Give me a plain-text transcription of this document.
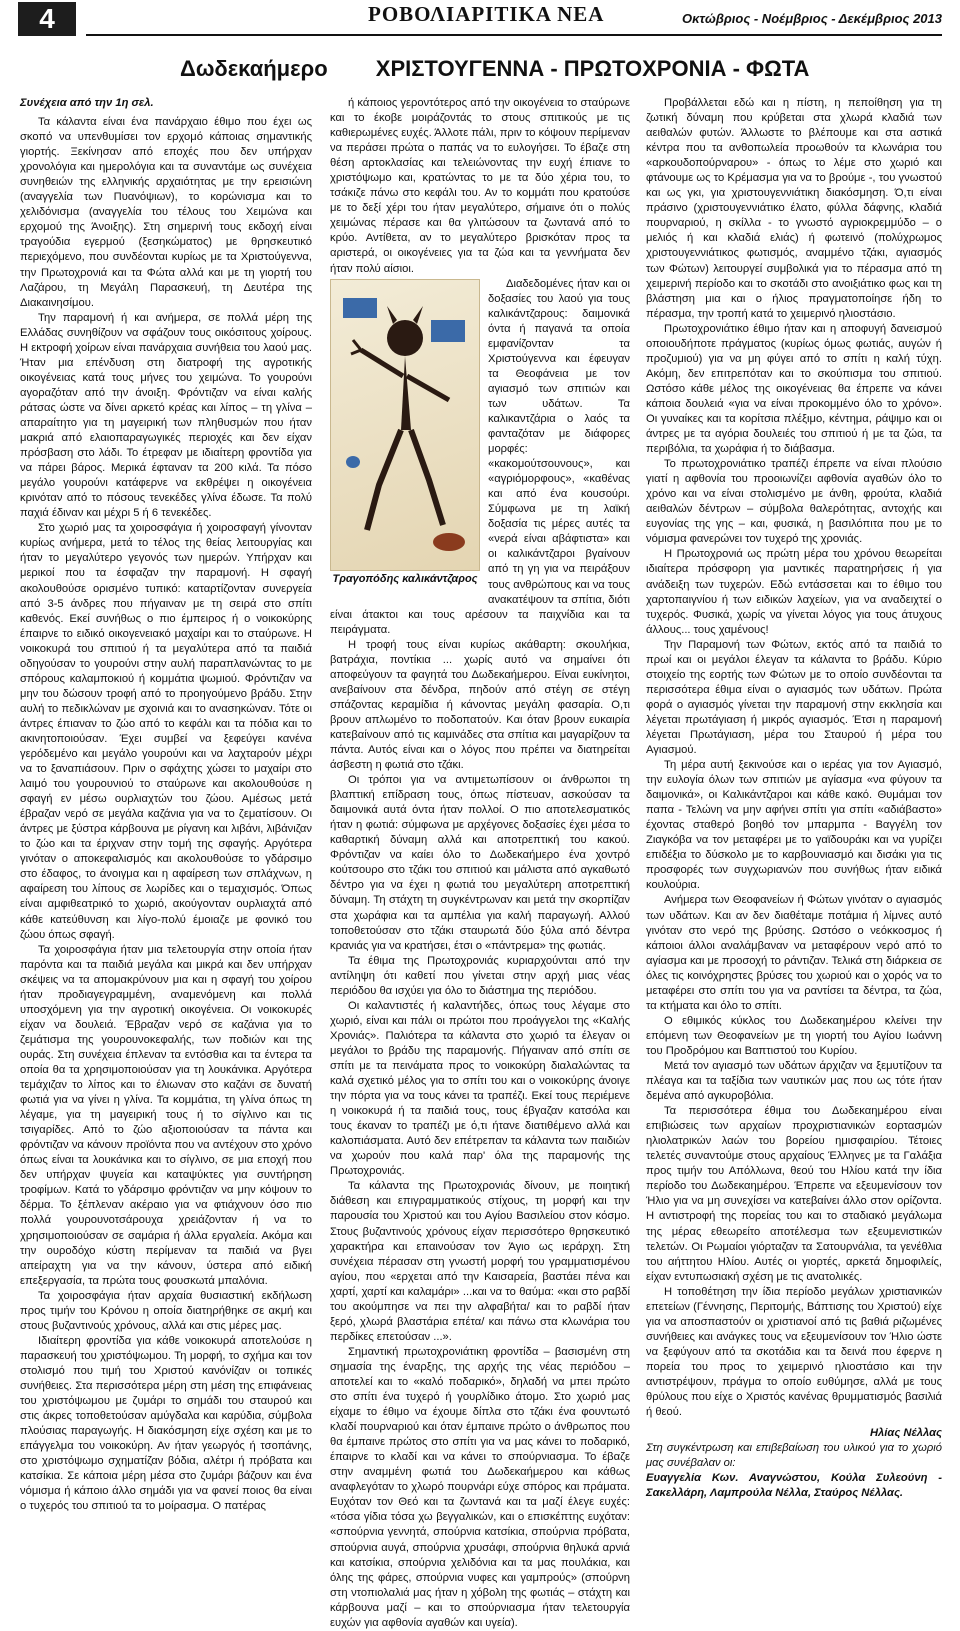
4	ΡΟΒΟΛΙΑΡΙΤΙΚΑ ΝΕΑ	Οκτώβριος - Νοέμβριος - Δεκέμβριος 2013
Δωδεκαήμερο ΧΡΙΣΤΟΥΓΕΝΝΑ - ΠΡΩΤΟΧΡΟΝΙΑ - ΦΩΤΑ

Συνέχεια από την 1η σελ.

Τα κάλαντα είναι ένα πανάρχαιο έθιμο που έχει ως σκοπό να υπενθυμίσει τον ερχομό κάποιας σημαντικής γιορτής. Ξεκίνησαν από εποχές που δεν υπήρχαν χρονολόγια και ημερολόγια και τα συναντάμε ως συνέχεια συνηθειών της ελληνικής αρχαιότητας με την ερεισιώνη (αναγγελία των Πυανόψιων), το κορώνισμα και το χελιδόνισμα (αναγγελία του τέλους του Χειμώνα και ερχομού της Άνοιξης). Στη σημερινή τους εκδοχή είναι τραγούδια εγερμού (ξεσηκώματος) με θρησκευτικό περιεχόμενο, που συνδέονται κυρίως με τα Χριστούγεννα, την Πρωτοχρονιά και τα Φώτα αλλά και με τη γιορτή του Λαζάρου, τη Μεγάλη Παρασκευή, τη Δευτέρα της Διακαινησίμου.

Την παραμονή ή και ανήμερα, σε πολλά μέρη της Ελλάδας συνηθίζουν να σφάζουν τους οικόσιτους χοίρους. Η εκτροφή χοίρων είναι πανάρχαια συνήθεια του λαού μας. Ήταν μια επένδυση στη διατροφή της αγροτικής οικογένειας κατά τους μήνες του χειμώνα. Το γουρούνι αγοραζόταν από την άνοιξη. Φρόντιζαν να είναι καλής ράτσας ώστε να δίνει αρκετό κρέας και λίπος – τη γλίνα – απαραίτητο για τη μαγειρική των πληθυσμών που ήταν μακριά από ελαιοπαραγωγικές περιοχές και δεν είχαν πρόσβαση στο λάδι. Το έτρεφαν με ιδιαίτερη φροντίδα για να πάρει βάρος. Μερικά έφταναν τα 200 κιλά. Τα πόσο μεγάλο γουρούνι κατάφερνε να εκθρέψει η οικογένεια κρινόταν από το πόσους τενεκέδες γλίνα έδωσε. Τα πολύ παχιά έδιναν και μέχρι 5 ή 6 τενεκέδες.

Στο χωριό μας τα χοιροσφάγια ή χοιροσφαγή γίνονταν κυρίως ανήμερα, μετά το τέλος της θείας λειτουργίας και ήταν το μεγαλύτερο γεγονός των ημερών. Υπήρχαν και μερικοί που τα έσφαζαν την παραμονή. Η σφαγή ακολουθούσε ορισμένο τυπικό: καταρτίζονταν συνεργεία από 3-5 άνδρες που πήγαιναν με τη σειρά στο σπίτι καθενός. Εκεί συνήθως ο πιο έμπειρος ή ο νοικοκύρης έπαιρνε το ειδικό οικογενειακό μαχαίρι και το σταύρωνε. Η νοικοκυρά του σπιτιού ή τα μεγαλύτερα από τα παιδιά οδηγούσαν το γουρούνι στην αυλή παραπλανώντας το με σπόρους καλαμποκιού ή κομμάτια ψωμιού. Φρόντιζαν να μην του δώσουν τροφή από το προηγούμενο βράδυ. Στην αυλή το πεδικλώναν με σχοινιά και το ανασηκώναν. Τότε οι άντρες έπιαναν το ζώο από το κεφάλι και τα πόδια και το ακινητοποιούσαν. Έχει συμβεί να ξεφεύγει κανένα γερόδεμένο και μεγάλο γουρούνι και να λαχταρούν μέχρι να το ξαναπιάσουν. Πριν ο σφάχτης χώσει το μαχαίρι στο λαιμό του γουρουνιού το σταύρωνε και ακολουθούσε η σφαγή εν μέσω ουρλιαχτών του ζώου. Αμέσως μετά έβραζαν νερό σε μεγάλα καζάνια για να το ζεματίσουν. Οι άντρες με ξύστρα κάρβουνα με ρίγανη και λιβάνι, λιβάνιζαν το ζώο και τα έριχναν στην τομή της σφαγής. Αργότερα γινόταν ο αποκεφαλισμός και ακολουθούσε το γδάρσιμο στο έδαφος, το άνοιγμα και η αφαίρεση των σπλάχνων, η αφαίρεση του λίπους σε λωρίδες και ο τεμαχισμός. Όπως είναι αμφιθεατρικό το χωριό, ακούγονταν ουρλιαχτά από κάθε κατεύθυνση και λίγο-πολύ έμοιαζε με φονικό του ζώου όπως σφαγή.

Τα χοιροσφάγια ήταν μια τελετουργία στην οποία ήταν παρόντα και τα παιδιά μεγάλα και μικρά και δεν υπήρχαν σκέψεις να τα απομακρύνουν μια και η σφαγή του χοίρου ήταν προδιαγεγραμμένη, αναμενόμενη και πολλά υποσχόμενη για την αγροτική οικογένεια. Οι νοικοκυρές είχαν να δουλειά. Έβραζαν νερό σε καζάνια για το ζεμάτισμα της γουρουνοκεφαλής, των ποδιών και της ουράς. Στη συνέχεια έπλεναν τα εντόσθια και τα έντερα τα οποία θα τα χρησιμοποιούσαν για τη λουκάνικα. Αργότερα τεμάχιζαν το λίπος και το έλιωναν στο καζάνι σε δυνατή φωτιά για να γίνει η γλίνα. Τα κομμάτια, τη γλίνα όπως τη λέγαμε, για τη μαγειρική τους ή το σίγλινο και τις τσιγαρίδες. Από το ζώο αξιοποιούσαν τα πάντα και φρόντιζαν να κάνουν προϊόντα που να αντέχουν στο χρόνο όπως είναι τα λουκάνικα και το σίγλινο, σε μια εποχή που δεν υπήρχαν ψυγεία και καταψύκτες για συντήρηση τροφίμων. Κατά το γδάρσιμο φρόντιζαν να μην κόψουν το δέρμα. Το ξέπλεναν ακέραιο για να φτιάχνουν όσο πιο πολλά γουρουνοτσάρουχα χρειάζονταν ή να το χρησιμοποιούσαν σε σαμάρια ή άλλα εργαλεία. Ακόμα και την ουροδόχο κύστη περίμεναν τα παιδιά να βγει απείραχτη για να την κάνουν, ύστερα από ειδική επεξεργασία, τα πρώτα τους φουσκωτά μπαλόνια.

Τα χοιροσφάγια ήταν αρχαία θυσιαστική εκδήλωση προς τιμήν του Κρόνου η οποία διατηρήθηκε σε ακμή και στους βυζαντινούς χρόνους, αλλά και στις μέρες μας.

Ιδιαίτερη φροντίδα για κάθε νοικοκυρά αποτελούσε η παρασκευή του χριστόψωμου. Τη μορφή, το σχήμα και τον στολισμό που τιμή του Χριστού κανόνίζαν οι τοπικές συνήθειες. Στα περισσότερα μέρη στη μέση της επιφάνειας του χριστόψωμου με ζυμάρι το σημάδι του σταυρού και στις άκρες τοποθετούσαν αμύγδαλα και καρύδια, σύμβολα πλούσιας παραγωγής. Η διακόσμηση είχε σχέση και με το επάγγελμα του νοικοκύρη. Αν ήταν γεωργός ή τσοπάνης, στο χριστόψωμο σχηματίζαν βόδια, αλέτρι ή πρόβατα και κατσίκια. Σε κάποια μέρη μέσα στο ζυμάρι βάζουν και ένα νόμισμα ή κάποιο άλλο σημάδι για να φανεί ποιος θα είναι ο τυχερός του σπιτιού τα το μοίρασμα. Ο πατέρας

ή κάποιος γεροντότερος από την οικογένεια το σταύρωνε και το έκοβε μοιράζοντάς το στους σπιτικούς με τις καθιερωμένες ευχές. Άλλοτε πάλι, πριν το κόψουν περίμεναν να περάσει πρώτα ο παπάς να το ευλογήσει. Το έβαζε στη θέση αρτοκλασίας και τελειώνοντας την ευχή έπιανε το χριστόψωμο και, κρατώντας το με τα δύο χέρια του, το τσάκιζε πάνω στο κεφάλι του. Αν το κομμάτι που κρατούσε με το δεξί χέρι του ήταν μεγαλύτερο, σήμαινε ότι ο πολύς χειμώνας πέρασε και θα γλιτώσουν τα ζωντανά από το κρύο. Αντίθετα, αν το μεγαλύτερο βρισκόταν προς τα αριστερά, οι οικογένειες για τα ζώα και τα γεννήματα δεν ήταν πολύ αίσιοι.

Τραγοπόδης καλικάντζαρος

Διαδεδομένες ήταν και οι δοξασίες του λαού για τους καλικάντζαρους: δαιμονικά όντα ή παγανά τα οποία εμφανίζονταν τα Χριστούγεννα και έφευγαν τα Θεοφάνεια με τον αγιασμό των σπιτιών και των υδάτων. Τα καλικαντζάρια ο λαός τα φανταζόταν με διάφορες μορφές: «κακομούτσουνους», και «αγριόμορφους», «καθένας και από ένα κουσούρι. Σύμφωνα με τη λαϊκή δοξασία τις μέρες αυτές τα «νερά είναι αβάφτιστα» και οι καλικάντζαροι βγαίνουν από τη γη για να πειράξουν τους ανθρώπους και να τους ανακατέψουν τα σπίτια, διότι είναι άτακτοι και τους αρέσουν τα παιχνίδια και τα πειράγματα.

Η τροφή τους είναι κυρίως ακάθαρτη: σκουλήκια, βατράχια, ποντίκια ... χωρίς αυτό να σημαίνει ότι αποφεύγουν τα φαγητά του Δωδεκαήμερου. Είναι ευκίνητοι, ανεβαίνουν στα δένδρα, πηδούν από στέγη σε στέγη σπάζοντας κεραμίδια ή κάνοντας μεγάλη φασαρία. Ο,τι βρουν απλωμένο το ποδοπατούν. Και όταν βρουν ευκαιρία κατεβαίνουν από τις καμινάδες στα σπίτια και μαγαρίζουν τα πάντα. Αυτός είναι και ο λόγος που πρέπει να διατηρείται άσβεστη η φωτιά στο τζάκι.

Οι τρόποι για να αντιμετωπίσουν οι άνθρωποι τη βλαπτική επίδραση τους, όπως πίστευαν, ασκούσαν τα δαιμονικά αυτά όντα ήταν πολλοί. Ο πιο αποτελεσματικός ήταν η φωτιά: σύμφωνα με αρχέγονες δοξασίες έχει μέσα το καθαρτική δύναμη αλλά και αποτρεπτική του κακού. Φρόντιζαν να καίει όλο το Δωδεκαήμερο ένα χοντρό κούτσουρο στο τζάκι του σπιτιού και μάλιστα από αγκαθωτό δέντρο για να έχει η φωτιά του μεγαλύτερη αποτρεπτική δύναμη. Τη στάχτη τη συγκέντρωναν και μετά την σκορπίζαν στα χωράφια και τα αμπέλια για καλή παραγωγή. Αλλού τοποθετούσαν στο τζάκι σταυρωτά δύο ξύλα από δέντρα κρανιάς για να κρατήσει, έτσι ο «πάντρεμα» της φωτιάς.

Τα έθιμα της Πρωτοχρονιάς κυριαρχούνται από την αντίληψη ότι καθετί που γίνεται στην αρχή μιας νέας περιόδου θα ισχύει για όλο το διάστημα της περιόδου.

Οι καλαντιστές ή καλαντήδες, όπως τους λέγαμε στο χωριό, είναι και πάλι οι πρώτοι που προάγγελοι της «Καλής Χρονιάς». Παλιότερα τα κάλαντα στο χωριό τα έλεγαν οι μεγάλοι το βράδυ της παραμονής. Πήγαιναν από σπίτι σε σπίτι με τα πεινάματα προς το νοικοκύρη διαλαλώντας τα καλά σχετικό μέλος για το σπίτι του και ο νοικοκύρης άνοιγε την πόρτα για να τους κάνει τα τραπέζι. Εκεί τους περιέμενε η νοικοκυρά ή τα παιδιά τους, τους έβγαζαν κατσόλα και τους έκαναν το τραπέζι με ό,τι ήτανε διατιθέμενο αλλά και καλοπιάσματα. Αυτό δεν επέτρεπαν τα κάλαντα των παιδιών να χωρούν που καλά παρ' όλα της παραμονής της Πρωτοχρονιάς.

Τα κάλαντα της Πρωτοχρονιάς δίνουν, με ποιητική διάθεση και επιγραμματικούς στίχους, τη μορφή και την παρουσία του Χριστού και του Αγίου Βασιλείου στον κόσμο. Στους βυζαντινούς χρόνους είχαν περισσότερο θρησκευτικό χαρακτήρα και επαινούσαν τον Άγιο ως ιεράρχη. Στη συνέχεια πέρασαν στη γνωστή μορφή του γραμματισμένου αγίου, που «ερχεται από την Καισαρεία, βαστάει πένα και χαρτί, χαρτί και καλαμάρι» ...και να το θαύμα: «και στο ραβδί του ακούμπησε να πει την αλφαβήτα/ και το ραβδί ήταν ξερό, χλωρά βλαστάρια επέτα/ και πάνω στα κλωνάρια του περδίκες επετούσαν ...».

Σημαντική πρωτοχρονιάτικη φροντίδα – βασισμένη στη σημασία της έναρξης, της αρχής της νέας περιόδου – αποτελεί και το «καλό ποδαρικό», δηλαδή να μπει πρώτο στο σπίτι ένα τυχερό ή γουρλίδικο άτομο. Στο χωριό μας είχαμε το έθιμο να έχουμε δίπλα στο τζάκι ένα φουντωτό κλαδί πουρναριού και όταν έμπαινε πρώτο ο άνθρωπος που θα έμπαινε πρώτος στο σπίτι για να μας κάνει το ποδαρικό, έπαιρνε το κλαδί και να κάνει το σπούρνιασμα. Το έβαζε στην αναμμένη φωτιά του Δωδεκαήμερου και κάθως αναφλεγόταν το χλωρό πουρνάρι εύχε σπόρος και πράματα. Ευχόταν τον Θεό και τα ζωντανά και τα μαζί έλεγε ευχές: «τόσα γίδια τόσα χω βεγγαλικών, και ο επισκέπτης ευχόταν: «σπούρνια γεννητά, σπούρνια κατσίκια, σπούρνια πρόβατα, σπούρνια αυγά, σπούρνια χρυσάφι, σπούρνια θηλυκά αρνιά και κατσίκια, σπούρνια χελιδόνια και τα μας πουλάκια, και όλης της φάρες, σπούρνια νυφες και γαμπρούς» (σπούρνη στη ντοπιολαλιά μας ήταν η χόβολη της φωτιάς – στάχτη και κάρβουνα μαζί – και το σπούρνιασμα ήταν τελετουργία ευχών για αφθονία αγαθών και υγεία).

Προβάλλεται εδώ και η πίστη, η πεποίθηση για τη ζωτική δύναμη που κρύβεται στα χλωρά κλαδιά των αειθαλών φυτών. Άλλωστε το βλέπουμε και στα αστικά κέντρα που τα ανθοπωλεία προωθούν τα κλωνάρια του «αρκουδοπούρναρου» - όπως το λέμε στο χωριό και φτάνουμε ως το Κρέμασμα για να το βρούμε -, του γνωστού και ως γκι, για χριστουγεννιάτικη διακόσμηση. Ό,τι είναι πράσινο (χριστουγεννιάτικο έλατο, φύλλα δάφνης, κλαδιά πουρναριού, η σκίλλα - το γνωστό αγριοκρεμμύδο – ο μελιός ή και κλαδιά ελιάς) ή φωτεινό (πολύχρωμος χριστουγεννιάτικος φωτισμός, αναμμένο τζάκι, αγιασμός των Φώτων) λειτουργεί συμβολικά για το πέρασμα από τη χειμερινή περίοδο και το σκοτάδι στο ανοιξιάτικο φως και τη βλάστηση μια και ο ήλιος πραγματοποίησε ήδη το πέρασμα, την τροπή κατά το χειμερινό ηλιοστάσιο.

Πρωτοχρονιάτικο έθιμο ήταν και η αποφυγή δανεισμού οποιουδήποτε πράγματος (κυρίως όμως φωτιάς, αυγών ή προζυμιού) για να μη φύγει από το σπίτι η καλή τύχη. Ακόμη, δεν επιτρεπόταν και το σκούπισμα του σπιτιού. Ωστόσο κάθε μέλος της οικογένειας θα έπρεπε να κάνει κάποια δουλειά «για να είναι προκομμένο όλο το χρόνο». Οι γυναίκες και τα κορίτσια πλέξιμο, κέντημα, ράψιμο και οι άντρες με τα αγόρια δουλειές του σπιτιού ή με τα ζώα, τα περιβόλια, τα χωράφια ή το διάβασμα.

Το πρωτοχρονιάτικο τραπέζι έπρεπε να είναι πλούσιο γιατί η αφθονία του προοιωνίζει αφθονία αγαθών όλο το χρόνο και να είναι στολισμένο με άνθη, φρούτα, κλαδιά αειθαλών δέντρων – σύμβολα θαλερότητας, αντοχής και ευγονίας της γης – και, φυσικά, η βασιλόπιτα που με το νόμισμα φανερώνει τον τυχερό της χρονιάς.

Η Πρωτοχρονιά ως πρώτη μέρα του χρόνου θεωρείται ιδιαίτερα πρόσφορη για μαντικές παρατηρήσεις ή για ανάδειξη των τυχερών. Εδώ εντάσσεται και το έθιμο του χαρτοπαιγνίου ή των ειδικών λαχείων, για να αναδειχτεί ο τυχερός. Φυσικά, χωρίς να γίνεται λόγος για τους άτυχους άλλους... τους χαμένους!

Την Παραμονή των Φώτων, εκτός από τα παιδιά το πρωί και οι μεγάλοι έλεγαν τα κάλαντα το βράδυ. Κύριο στοιχείο της εορτής των Φώτων με το οποίο συνδέονται τα περισσότερα έθιμα είναι ο αγιασμός των υδάτων. Πρώτα φορά ο αγιασμός γίνεται την παραμονή στην εκκλησία και λέγεται πρωτάγιαση ή μικρός αγιασμός. Έτσι η παραμονή λέγεται Πρωτάγιαση, μέρα του Σταυρού ή μέρα του Αγιασμού.

Τη μέρα αυτή ξεκινούσε και ο ιερέας για τον Αγιασμό, την ευλογία όλων των σπιτιών με αγίασμα «να φύγουν τα δαιμονικά», οι Καλικάντζαροι και κάθε κακό. Θυμάμαι τον παπα - Τελώνη να μην αφήνει σπίτι για σπίτι «αδιάβαστο» έχοντας σταθερό βοηθό τον μπαρμπα - Βαγγέλη τον Ζιαγκόβα να τον μεταφέρει με το γαϊδουράκι και να γυρίζει επιδέξια το δύσκολο με το καρβουνιασμό και δισάκι για τις προσφορές των συγχωριανών που συνήθως ήταν ειδικά κουλούρια.

Ανήμερα των Θεοφανείων ή Φώτων γινόταν ο αγιασμός των υδάτων. Και αν δεν διαθέταμε ποτάμια ή λίμνες αυτό γινόταν στο νερό της βρύσης. Ωστόσο ο νεόκκοσμος ή κάποιοι άλλοι αναλάμβαναν να μεταφέρουν νερό από το αγίασμα και με προσοχή το ράντιζαν. Τελικά στη διάρκεια σε όλες τις κοινόχρηστες βρύσες του χωριού και ο χορός να το μεταφέρει στο σπίτι του για να ραντίσει τα δέντρα, τα ζώα, τα κτήματα και όλο το σπίτι.

Ο εθιμικός κύκλος του Δωδεκαημέρου κλείνει την επόμενη των Θεοφανείων με τη γιορτή του Αγίου Ιωάννη του Προδρόμου και Βαπτιστού του Κυρίου.

Μετά τον αγιασμό των υδάτων άρχιζαν να ξεμυτίζουν τα πλέαγα και τα ταξίδια των ναυτικών μας που ως τότε ήταν δεμένα από αγκυροβόλια.

Τα περισσότερα έθιμα του Δωδεκαημέρου είναι επιβιώσεις των αρχαίων προχριστιανικών εορτασμών ηλιολατρικών λαών του βορείου ημισφαιρίου. Τέτοιες τελετές συναντούμε στους αρχαίους Έλληνες με τα Γαλάξια προς τιμήν του Απόλλωνα, θεού του Ηλίου κατά την ίδια περίοδο του Δωδεκαημέρου. Έπρεπε να εξευμενίσουν τον Ήλιο για να μη συνεχίσει να κατεβαίνει άλλο στον ορίζοντα. Η αντιστροφή της πορείας του και το σταδιακό μεγάλωμα της μέρας εθεωρείτο αποτέλεσμα των εξευμενιστικών τελετών. Οι Ρωμαίοι γιόρταζαν τα Σατουρνάλια, τα γενέθλια του αήττητου Ηλίου. Αυτές οι γιορτές, αρκετά δημοφιλείς, είχαν εντυπωσιακή σχέση με τις ανατολικές.

Η τοποθέτηση την ίδια περίοδο μεγάλων χριστιανικών επετείων (Γέννησης, Περιτομής, Βάπτισης του Χριστού) είχε για να αποσπαστούν οι χριστιανοί από τις βαθιά ριζωμένες συνήθειες και ανάγκες τους να εξευμενίσουν τον Ήλιο ώστε να ξεφύγουν από τα σκοτάδια και τα δεινά που έφερνε η πορεία του προς το χειμερινό ηλιοστάσιο και την αντιστρέψουν, πράγμα το οποίο ευθύμησε, αλλά με τους θρύλους που είχε ο Χριστός κανένας θρυμματισμός βασιλιά ή θεού.

Ηλίας Νέλλας

Στη συγκέντρωση και επιβεβαίωση του υλικού για το χωριό μας συνέβαλαν οι:

Ευαγγελία Κων. Αναγνώστου, Κούλα Συλεούνη - Σακελλάρη, Λαμπρούλα Νέλλα, Σταύρος Νέλλας.
